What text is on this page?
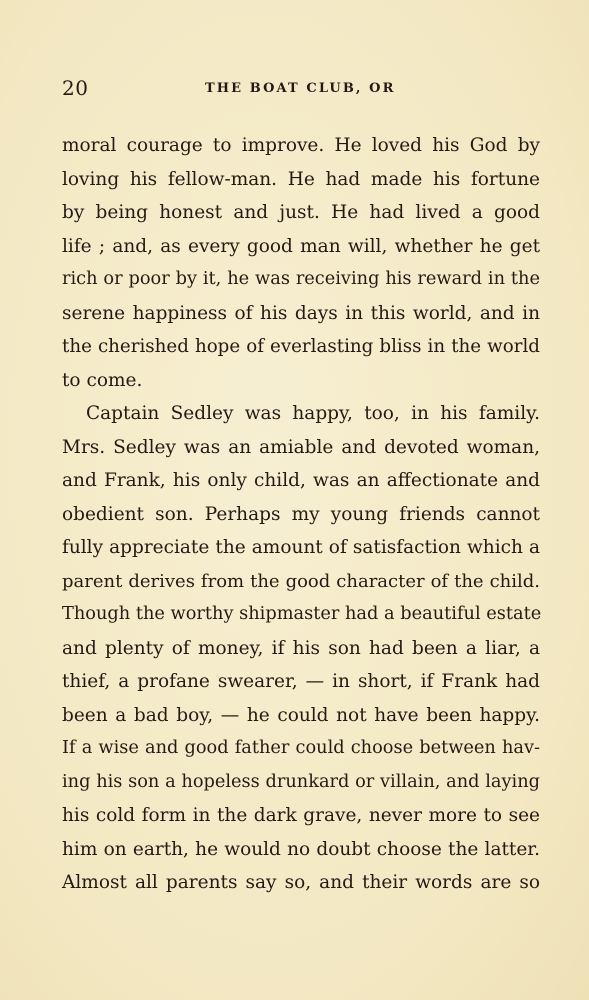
20	THE BOAT CLUB, OR
moral courage to improve. He loved his God by
loving his fellow-man. He had made his fortune
by being honest and just. He had lived a good
life ; and, as every good man will, whether he get
rich or poor by it, he was receiving his reward in the
serene happiness of his days in this world, and in
the cherished hope of everlasting bliss in the world
to come.
Captain Sedley was happy, too, in his family.
Mrs. Sedley was an amiable and devoted woman,
and Frank, his only child, was an affectionate and
obedient son. Perhaps my young friends cannot
fully appreciate the amount of satisfaction which a
parent derives from the good character of the child.
Though the worthy shipmaster had a beautiful estate
and plenty of money, if his son had been a liar, a
thief, a profane swearer, — in short, if Frank had
been a bad boy, — he could not have been happy.
If a wise and good father could choose between hav-
ing his son a hopeless drunkard or villain, and laying
his cold form in the dark grave, never more to see
him on earth, he would no doubt choose the latter.
Almost all parents say so, and their words are so
